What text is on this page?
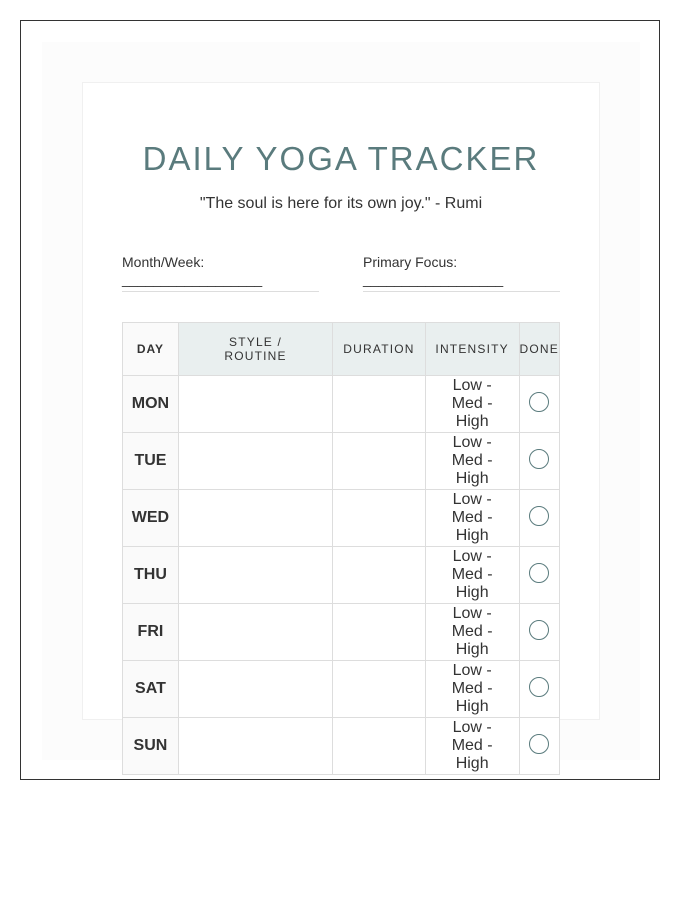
DAILY YOGA TRACKER
"The soul is here for its own joy." - Rumi
Month/Week:
__________________
Primary Focus:
__________________
DAY	STYLE / ROUTINE	DURATION	INTENSITY	DONE
MON			Low - Med - High	
TUE			Low - Med - High	
WED			Low - Med - High	
THU			Low - Med - High	
FRI			Low - Med - High	
SAT			Low - Med - High	
SUN			Low - Med - High	
